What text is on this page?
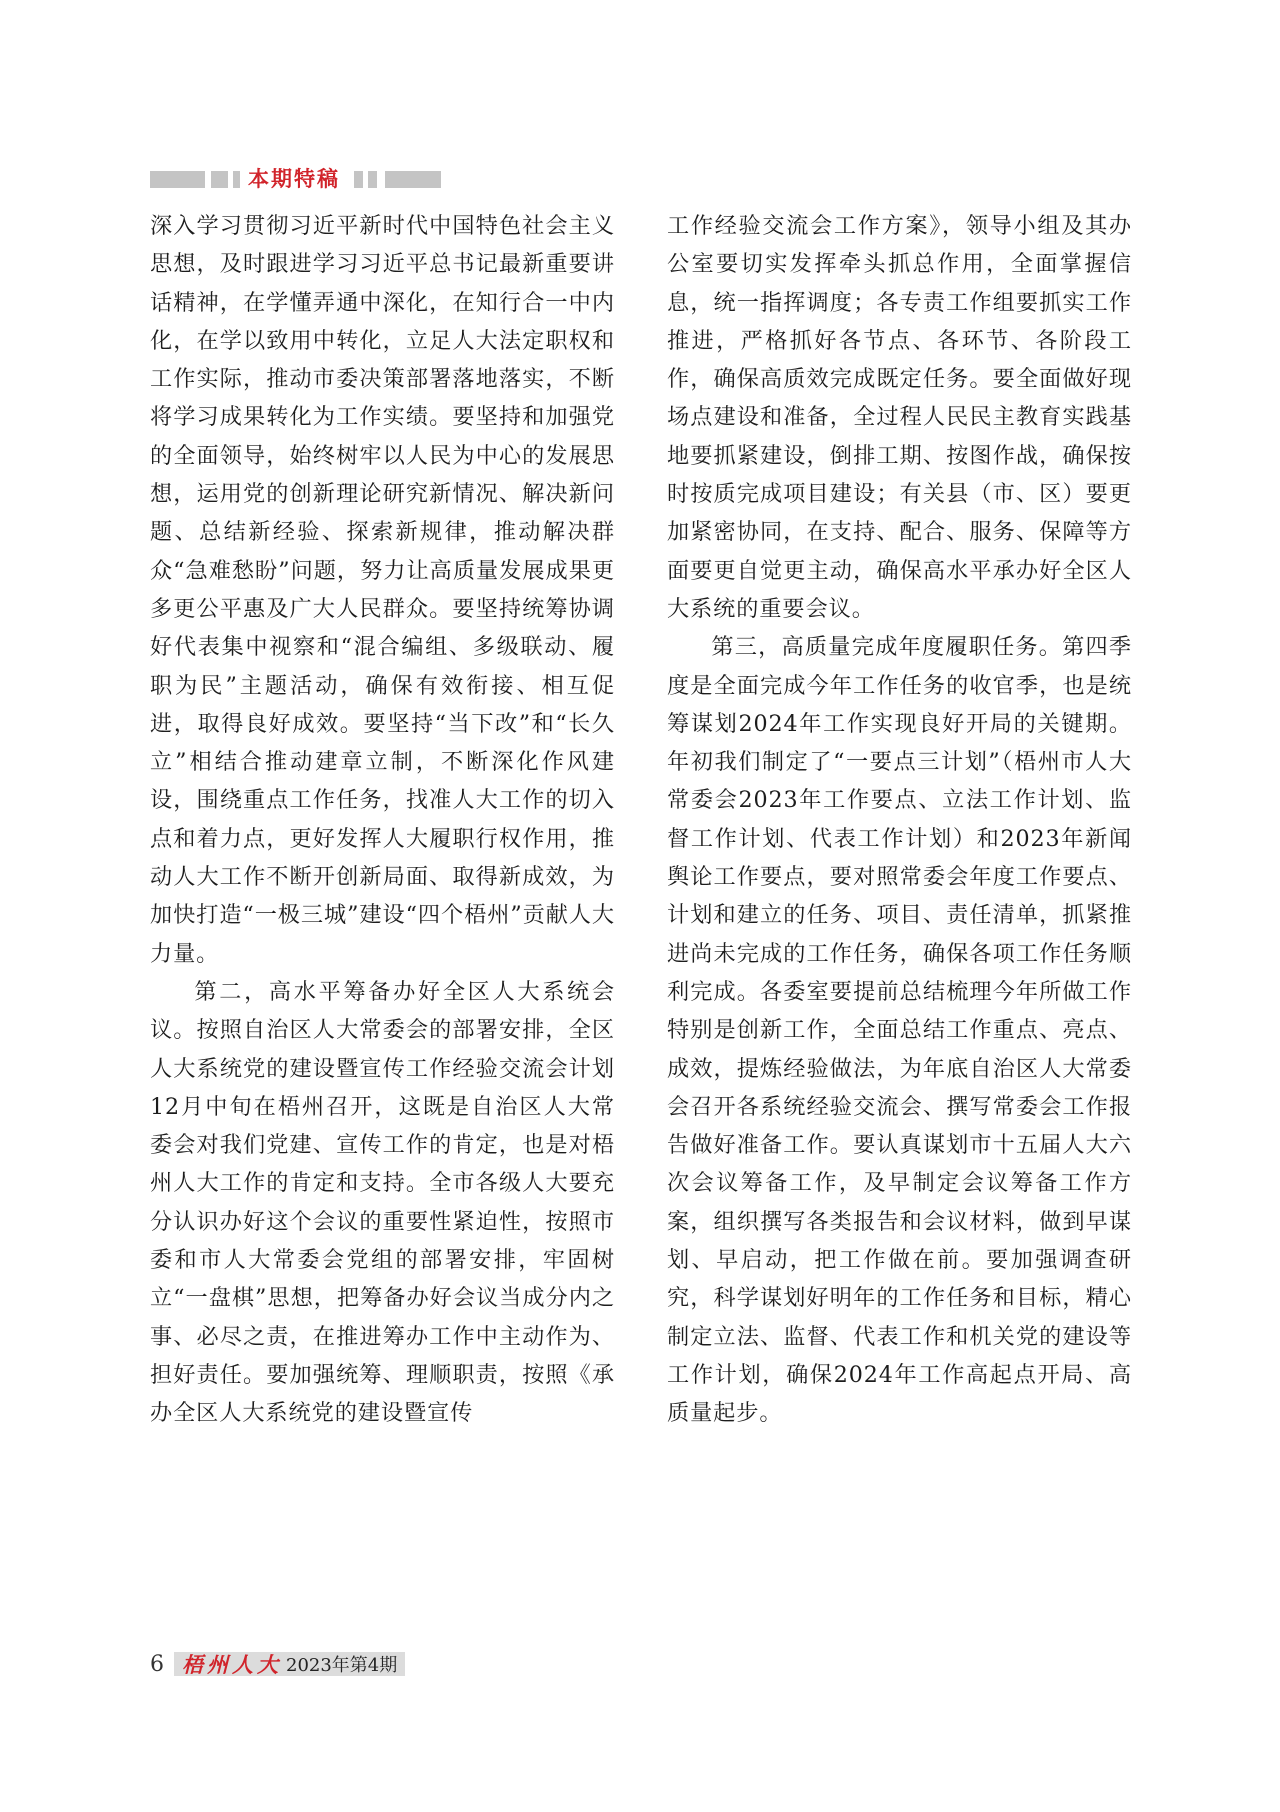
本期特稿

深入学习贯彻习近平新时代中国特色社会主义思想，及时跟进学习习近平总书记最新重要讲话精神，在学懂弄通中深化，在知行合一中内化，在学以致用中转化，立足人大法定职权和工作实际，推动市委决策部署落地落实，不断将学习成果转化为工作实绩。要坚持和加强党的全面领导，始终树牢以人民为中心的发展思想，运用党的创新理论研究新情况、解决新问题、总结新经验、探索新规律，推动解决群众“急难愁盼”问题，努力让高质量发展成果更多更公平惠及广大人民群众。要坚持统筹协调好代表集中视察和“混合编组、多级联动、履职为民”主题活动，确保有效衔接、相互促进，取得良好成效。要坚持“当下改”和“长久立”相结合推动建章立制，不断深化作风建设，围绕重点工作任务，找准人大工作的切入点和着力点，更好发挥人大履职行权作用，推动人大工作不断开创新局面、取得新成效，为加快打造“一极三城”建设“四个梧州”贡献人大力量。

第二，高水平筹备办好全区人大系统会议。按照自治区人大常委会的部署安排，全区人大系统党的建设暨宣传工作经验交流会计划12月中旬在梧州召开，这既是自治区人大常委会对我们党建、宣传工作的肯定，也是对梧州人大工作的肯定和支持。全市各级人大要充分认识办好这个会议的重要性紧迫性，按照市委和市人大常委会党组的部署安排，牢固树立“一盘棋”思想，把筹备办好会议当成分内之事、必尽之责，在推进筹办工作中主动作为、担好责任。要加强统筹、理顺职责，按照《承办全区人大系统党的建设暨宣传

工作经验交流会工作方案》，领导小组及其办公室要切实发挥牵头抓总作用，全面掌握信息，统一指挥调度；各专责工作组要抓实工作推进，严格抓好各节点、各环节、各阶段工作，确保高质效完成既定任务。要全面做好现场点建设和准备，全过程人民民主教育实践基地要抓紧建设，倒排工期、按图作战，确保按时按质完成项目建设；有关县（市、区）要更加紧密协同，在支持、配合、服务、保障等方面要更自觉更主动，确保高水平承办好全区人大系统的重要会议。

第三，高质量完成年度履职任务。第四季度是全面完成今年工作任务的收官季，也是统筹谋划2024年工作实现良好开局的关键期。年初我们制定了“一要点三计划”（梧州市人大常委会2023年工作要点、立法工作计划、监督工作计划、代表工作计划）和2023年新闻舆论工作要点，要对照常委会年度工作要点、计划和建立的任务、项目、责任清单，抓紧推进尚未完成的工作任务，确保各项工作任务顺利完成。各委室要提前总结梳理今年所做工作特别是创新工作，全面总结工作重点、亮点、成效，提炼经验做法，为年底自治区人大常委会召开各系统经验交流会、撰写常委会工作报告做好准备工作。要认真谋划市十五届人大六次会议筹备工作，及早制定会议筹备工作方案，组织撰写各类报告和会议材料，做到早谋划、早启动，把工作做在前。要加强调查研究，科学谋划好明年的工作任务和目标，精心制定立法、监督、代表工作和机关党的建设等工作计划，确保2024年工作高起点开局、高质量起步。

6 梧州人大 2023年第4期
